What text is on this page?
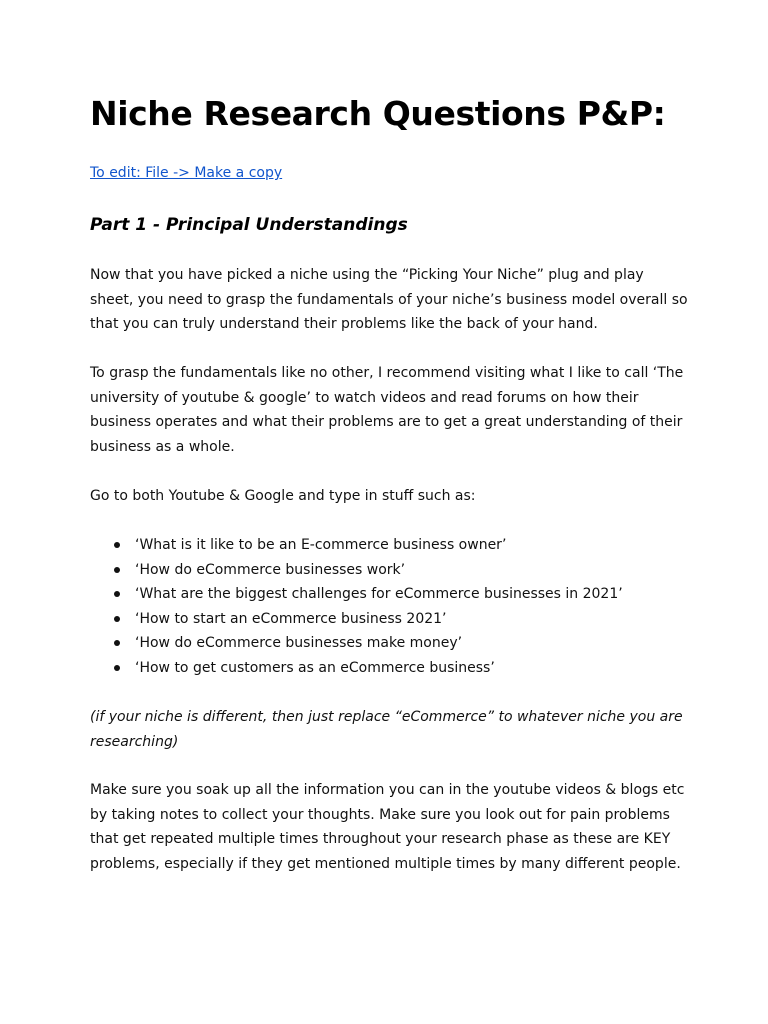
Niche Research Questions P&P:
To edit: File -> Make a copy
Part 1 - Principal Understandings

Now that you have picked a niche using the “Picking Your Niche” plug and play sheet, you need to grasp the fundamentals of your niche’s business model overall so that you can truly understand their problems like the back of your hand.

To grasp the fundamentals like no other, I recommend visiting what I like to call ‘The university of youtube & google’ to watch videos and read forums on how their business operates and what their problems are to get a great understanding of their business as a whole.

Go to both Youtube & Google and type in stuff such as:

‘What is it like to be an E-commerce business owner’
‘How do eCommerce businesses work’
‘What are the biggest challenges for eCommerce businesses in 2021’
‘How to start an eCommerce business 2021’
‘How do eCommerce businesses make money’
‘How to get customers as an eCommerce business’

(if your niche is different, then just replace “eCommerce” to whatever niche you are researching)

Make sure you soak up all the information you can in the youtube videos & blogs etc by taking notes to collect your thoughts. Make sure you look out for pain problems that get repeated multiple times throughout your research phase as these are KEY problems, especially if they get mentioned multiple times by many different people.
